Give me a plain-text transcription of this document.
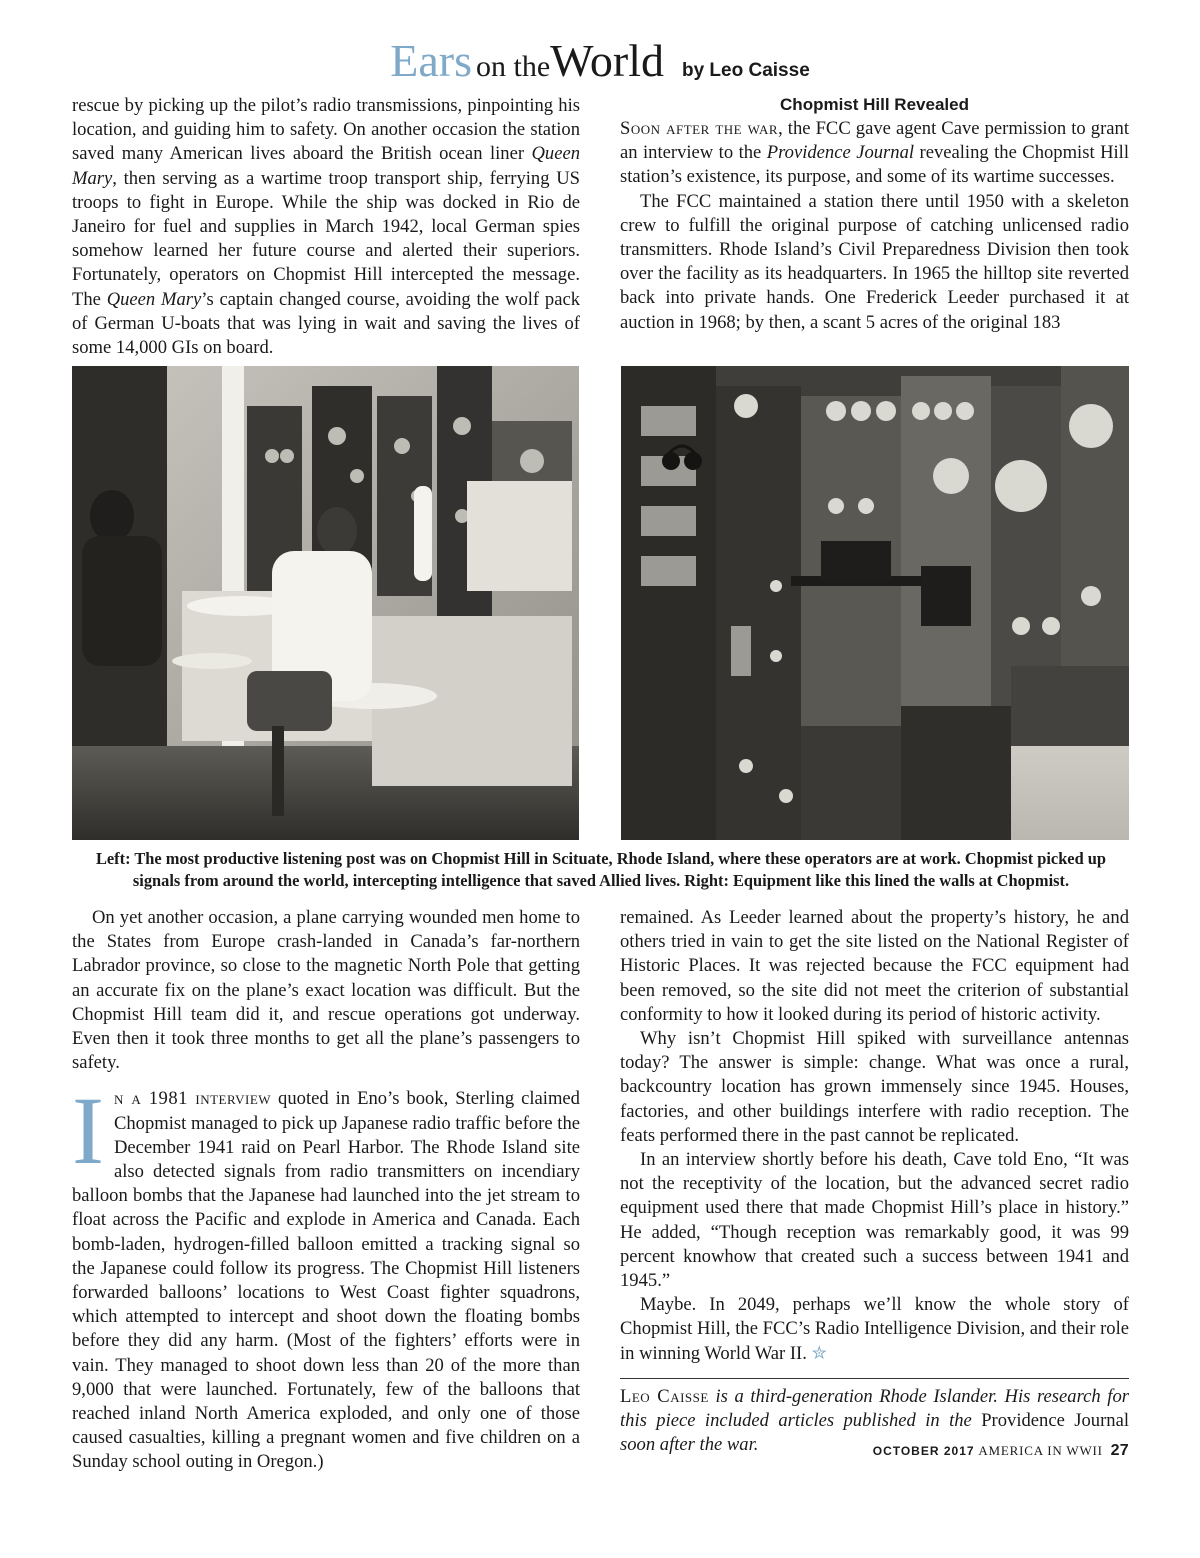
Ears on theWorld by Leo Caisse

rescue by picking up the pilot’s radio transmissions, pinpointing his location, and guiding him to safety. On another occasion the station saved many American lives aboard the British ocean liner Queen Mary, then serving as a wartime troop transport ship, ferrying US troops to fight in Europe. While the ship was docked in Rio de Janeiro for fuel and supplies in March 1942, local German spies somehow learned her future course and alerted their superiors. Fortunately, operators on Chopmist Hill intercepted the message. The Queen Mary’s captain changed course, avoiding the wolf pack of German U-boats that was lying in wait and saving the lives of some 14,000 GIs on board.

Chopmist Hill Revealed

Soon after the war, the FCC gave agent Cave permission to grant an interview to the Providence Journal revealing the Chopmist Hill station’s existence, its purpose, and some of its wartime successes.

The FCC maintained a station there until 1950 with a skeleton crew to fulfill the original purpose of catching unlicensed radio transmitters. Rhode Island’s Civil Preparedness Division then took over the facility as its headquarters. In 1965 the hilltop site reverted back into private hands. One Frederick Leeder purchased it at auction in 1968; by then, a scant 5 acres of the original 183

Left: The most productive listening post was on Chopmist Hill in Scituate, Rhode Island, where these operators are at work. Chopmist picked up signals from around the world, intercepting intelligence that saved Allied lives. Right: Equipment like this lined the walls at Chopmist.

On yet another occasion, a plane carrying wounded men home to the States from Europe crash-landed in Canada’s far-northern Labrador province, so close to the magnetic North Pole that getting an accurate fix on the plane’s exact location was difficult. But the Chopmist Hill team did it, and rescue operations got underway. Even then it took three months to get all the plane’s passengers to safety.

In a 1981 interview quoted in Eno’s book, Sterling claimed Chopmist managed to pick up Japanese radio traffic before the December 1941 raid on Pearl Harbor. The Rhode Island site also detected signals from radio transmitters on incendiary balloon bombs that the Japanese had launched into the jet stream to float across the Pacific and explode in America and Canada. Each bomb-laden, hydrogen-filled balloon emitted a tracking signal so the Japanese could follow its progress. The Chopmist Hill listeners forwarded balloons’ locations to West Coast fighter squadrons, which attempted to intercept and shoot down the floating bombs before they did any harm. (Most of the fighters’ efforts were in vain. They managed to shoot down less than 20 of the more than 9,000 that were launched. Fortunately, few of the balloons that reached inland North America exploded, and only one of those caused casualties, killing a pregnant women and five children on a Sunday school outing in Oregon.)

remained. As Leeder learned about the property’s history, he and others tried in vain to get the site listed on the National Register of Historic Places. It was rejected because the FCC equipment had been removed, so the site did not meet the criterion of substantial conformity to how it looked during its period of historic activity.

Why isn’t Chopmist Hill spiked with surveillance antennas today? The answer is simple: change. What was once a rural, backcountry location has grown immensely since 1945. Houses, factories, and other buildings interfere with radio reception. The feats performed there in the past cannot be replicated.

In an interview shortly before his death, Cave told Eno, “It was not the receptivity of the location, but the advanced secret radio equipment used there that made Chopmist Hill’s place in history.” He added, “Though reception was remarkably good, it was 99 percent knowhow that created such a success between 1941 and 1945.”

Maybe. In 2049, perhaps we’ll know the whole story of Chopmist Hill, the FCC’s Radio Intelligence Division, and their role in winning World War II. ✮

Leo Caisse is a third-generation Rhode Islander. His research for this piece included articles published in the Providence Journal soon after the war.	OCTOBER 2017 AMERICA IN WWII 27
